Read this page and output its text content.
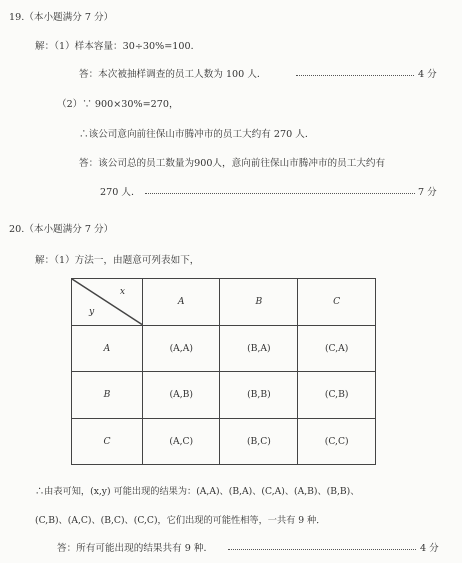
19.（本小题满分 7 分）
解：（1）样本容量：30÷30%=100．
答：本次被抽样调查的员工人数为 100 人．	4 分
（2）∵ 900×30%=270，
∴该公司意向前往保山市腾冲市的员工大约有 270 人．
答：该公司总的员工数量为900人，意向前往保山市腾冲市的员工大约有
270 人．	7 分
20.（本小题满分 7 分）
解：（1）方法一，由题意可列表如下，
x
y	A	B	C
A	(A,A)	(B,A)	(C,A)
B	(A,B)	(B,B)	(C,B)
C	(A,C)	(B,C)	(C,C)
∴由表可知，(x,y) 可能出现的结果为：(A,A)、(B,A)、(C,A)、(A,B)、(B,B)、
(C,B)、(A,C)、(B,C)、(C,C)，它们出现的可能性相等，一共有 9 种．
答：所有可能出现的结果共有 9 种．	4 分
